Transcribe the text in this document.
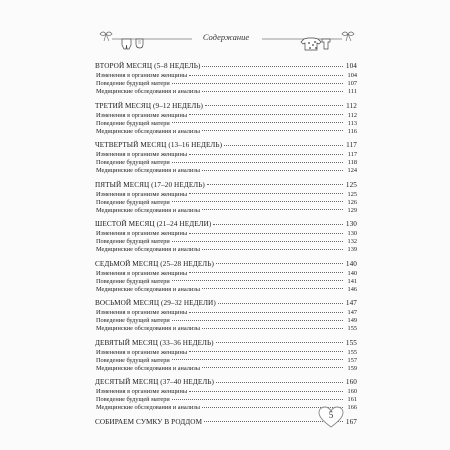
Содержание
ВТОРОЙ МЕСЯЦ (5–8 НЕДЕЛЬ)	104
Изменения в организме женщины	104
Поведение будущей матери	107
Медицинские обследования и анализы	111
ТРЕТИЙ МЕСЯЦ (9–12 НЕДЕЛЬ)	112
Изменения в организме женщины	112
Поведение будущей матери	113
Медицинские обследования и анализы	116
ЧЕТВЕРТЫЙ МЕСЯЦ (13–16 НЕДЕЛЬ)	117
Изменения в организме женщины	117
Поведение будущей матери	118
Медицинские обследования и анализы	124
ПЯТЫЙ МЕСЯЦ (17–20 НЕДЕЛЬ)	125
Изменения в организме женщины	125
Поведение будущей матери	126
Медицинские обследования и анализы	129
ШЕСТОЙ МЕСЯЦ (21–24 НЕДЕЛИ)	130
Изменения в организме женщины	130
Поведение будущей матери	132
Медицинские обследования и анализы	139
СЕДЬМОЙ МЕСЯЦ (25–28 НЕДЕЛЬ)	140
Изменения в организме женщины	140
Поведение будущей матери	141
Медицинские обследования и анализы	146
ВОСЬМОЙ МЕСЯЦ (29–32 НЕДЕЛИ)	147
Изменения в организме женщины	147
Поведение будущей матери	149
Медицинские обследования и анализы	155
ДЕВЯТЫЙ МЕСЯЦ (33–36 НЕДЕЛЬ)	155
Изменения в организме женщины	155
Поведение будущей матери	157
Медицинские обследования и анализы	159
ДЕСЯТЫЙ МЕСЯЦ (37–40 НЕДЕЛЬ)	160
Изменения в организме женщины	160
Поведение будущей матери	161
Медицинские обследования и анализы	166
СОБИРАЕМ СУМКУ В РОДДОМ	167
5
